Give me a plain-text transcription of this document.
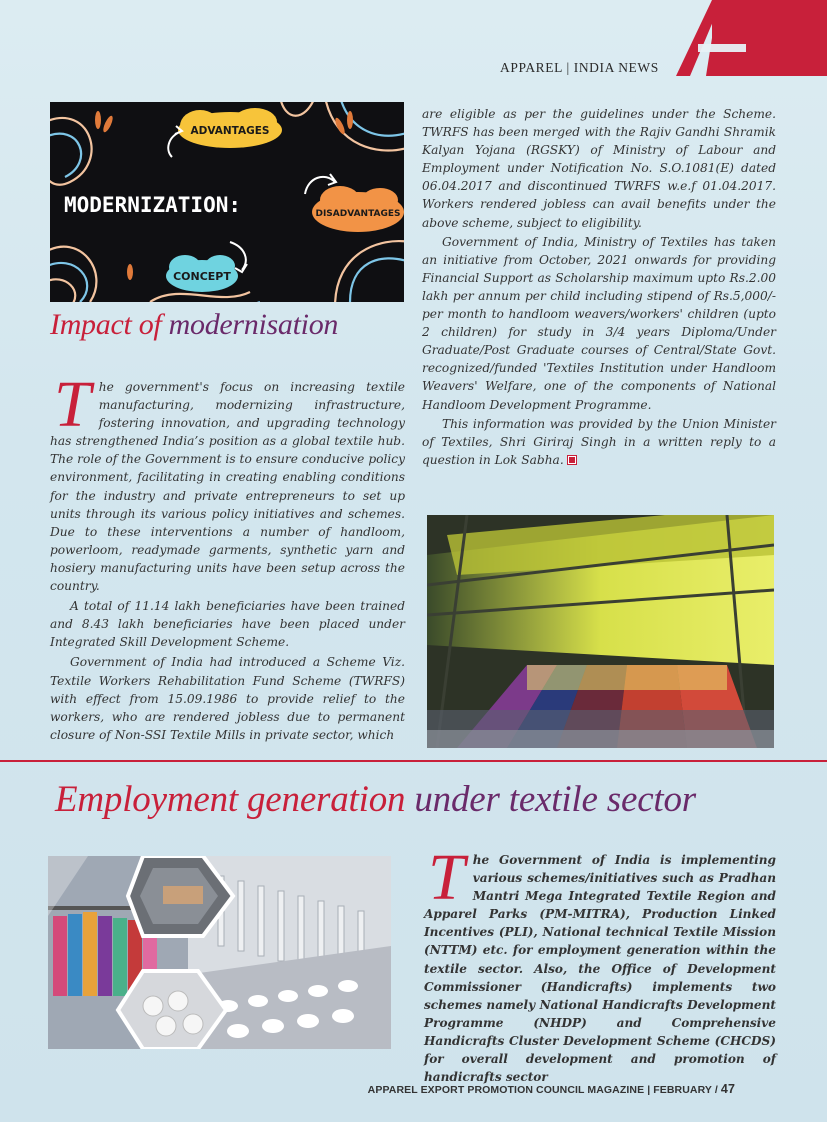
APPAREL | INDIA NEWS
ADVANTAGES
MODERNIZATION:	DISADVANTAGES
CONCEPT
Impact of modernisation

The government's focus on increasing textile manufacturing, modernizing infrastructure, fostering innovation, and upgrading technology has strengthened India’s position as a global textile hub. The role of the Government is to ensure conducive policy environment, facilitating in creating enabling conditions for the industry and private entrepreneurs to set up units through its various policy initiatives and schemes. Due to these interventions a number of handloom, powerloom, readymade garments, synthetic yarn and hosiery manufacturing units have been setup across the country.

A total of 11.14 lakh beneficiaries have been trained and 8.43 lakh beneficiaries have been placed under Integrated Skill Development Scheme.

Government of India had introduced a Scheme Viz. Textile Workers Rehabilitation Fund Scheme (TWRFS) with effect from 15.09.1986 to provide relief to the workers, who are rendered jobless due to permanent closure of Non-SSI Textile Mills in private sector, which

are eligible as per the guidelines under the Scheme. TWRFS has been merged with the Rajiv Gandhi Shramik Kalyan Yojana (RGSKY) of Ministry of Labour and Employment under Notification No. S.O.1081(E) dated 06.04.2017 and discontinued TWRFS w.e.f 01.04.2017. Workers rendered jobless can avail benefits under the above scheme, subject to eligibility.

Government of India, Ministry of Textiles has taken an initiative from October, 2021 onwards for providing Financial Support as Scholarship maximum upto Rs.2.00 lakh per annum per child including stipend of Rs.5,000/- per month to handloom weavers/workers' children (upto 2 children) for study in 3/4 years Diploma/Under Graduate/Post Graduate courses of Central/State Govt. recognized/funded 'Textiles Institution under Handloom Weavers' Welfare, one of the components of National Handloom Development Programme.

This information was provided by the Union Minister of Textiles, Shri Giriraj Singh in a written reply to a question in Lok Sabha.

Employment generation under textile sector

The Government of India is implementing various schemes/initiatives such as Pradhan Mantri Mega Integrated Textile Region and Apparel Parks (PM-MITRA), Production Linked Incentives (PLI), National technical Textile Mission (NTTM) etc. for employment generation within the textile sector. Also, the Office of Development Commissioner (Handicrafts) implements two schemes namely National Handicrafts Development Programme (NHDP) and Comprehensive Handicrafts Cluster Development Scheme (CHCDS) for overall development and promotion of handicrafts sector

APPAREL EXPORT PROMOTION COUNCIL MAGAZINE | FEBRUARY / 47
